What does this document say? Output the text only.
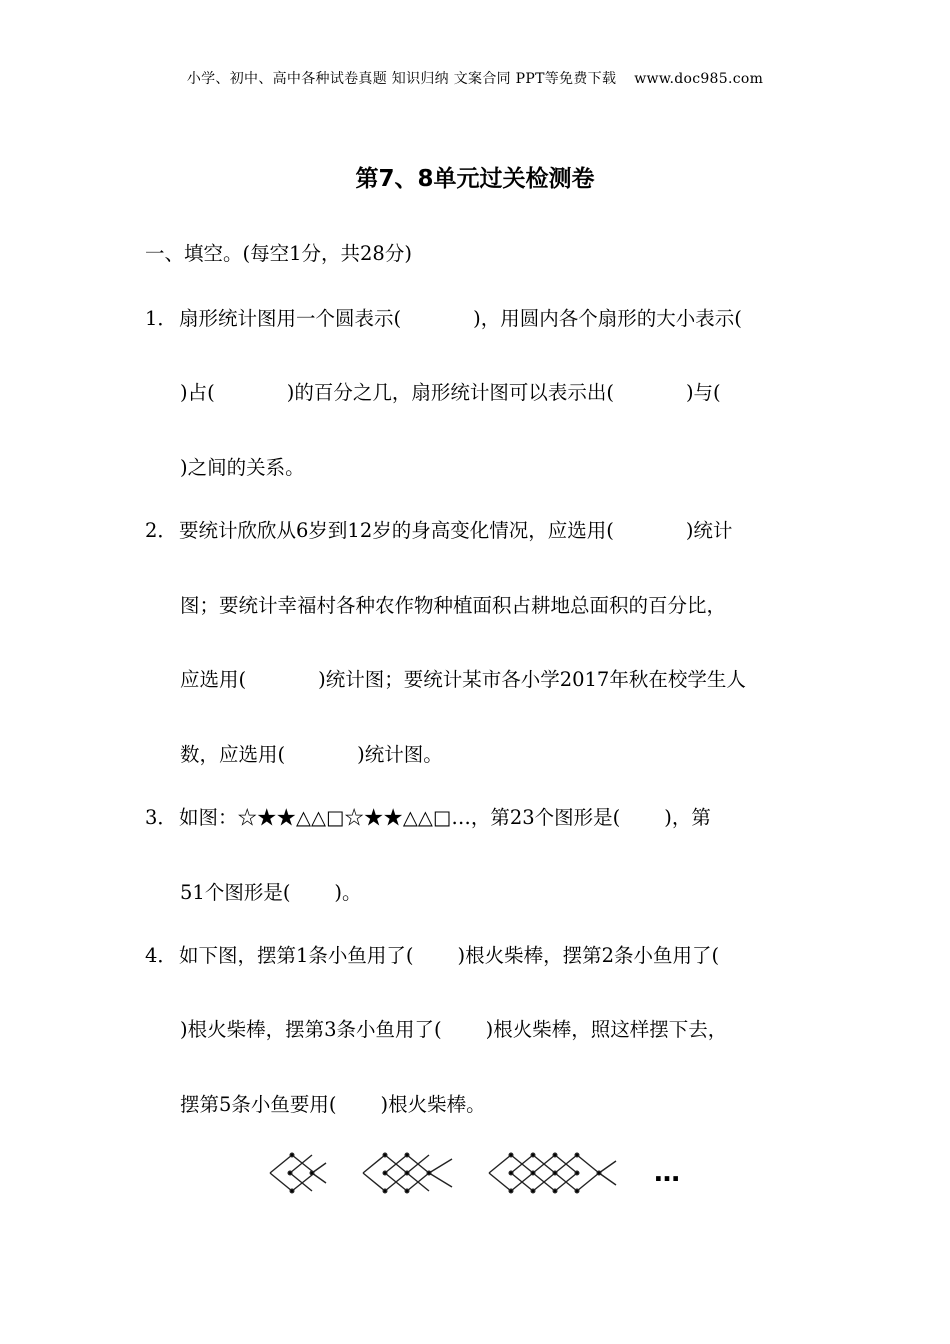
小学、初中、高中各种试卷真题 知识归纳 文案合同 PPT等免费下载 www.doc985.com
第7、8单元过关检测卷
一、填空。(每空1分，共28分)
1． 扇形统计图用一个圆表示(	)，用圆内各个扇形的大小表示(
)占(	)的百分之几，扇形统计图可以表示出(	)与(
)之间的关系。
2． 要统计欣欣从6岁到12岁的身高变化情况，应选用(	)统计
图；要统计幸福村各种农作物种植面积占耕地总面积的百分比，
应选用(	)统计图；要统计某市各小学2017年秋在校学生人
数，应选用(	)统计图。
3． 如图：☆★★△△□☆★★△△□…，第23个图形是( )，第
51个图形是( )。
4． 如下图，摆第1条小鱼用了( )根火柴棒，摆第2条小鱼用了(
)根火柴棒，摆第3条小鱼用了( )根火柴棒，照这样摆下去，
摆第5条小鱼要用( )根火柴棒。
…
